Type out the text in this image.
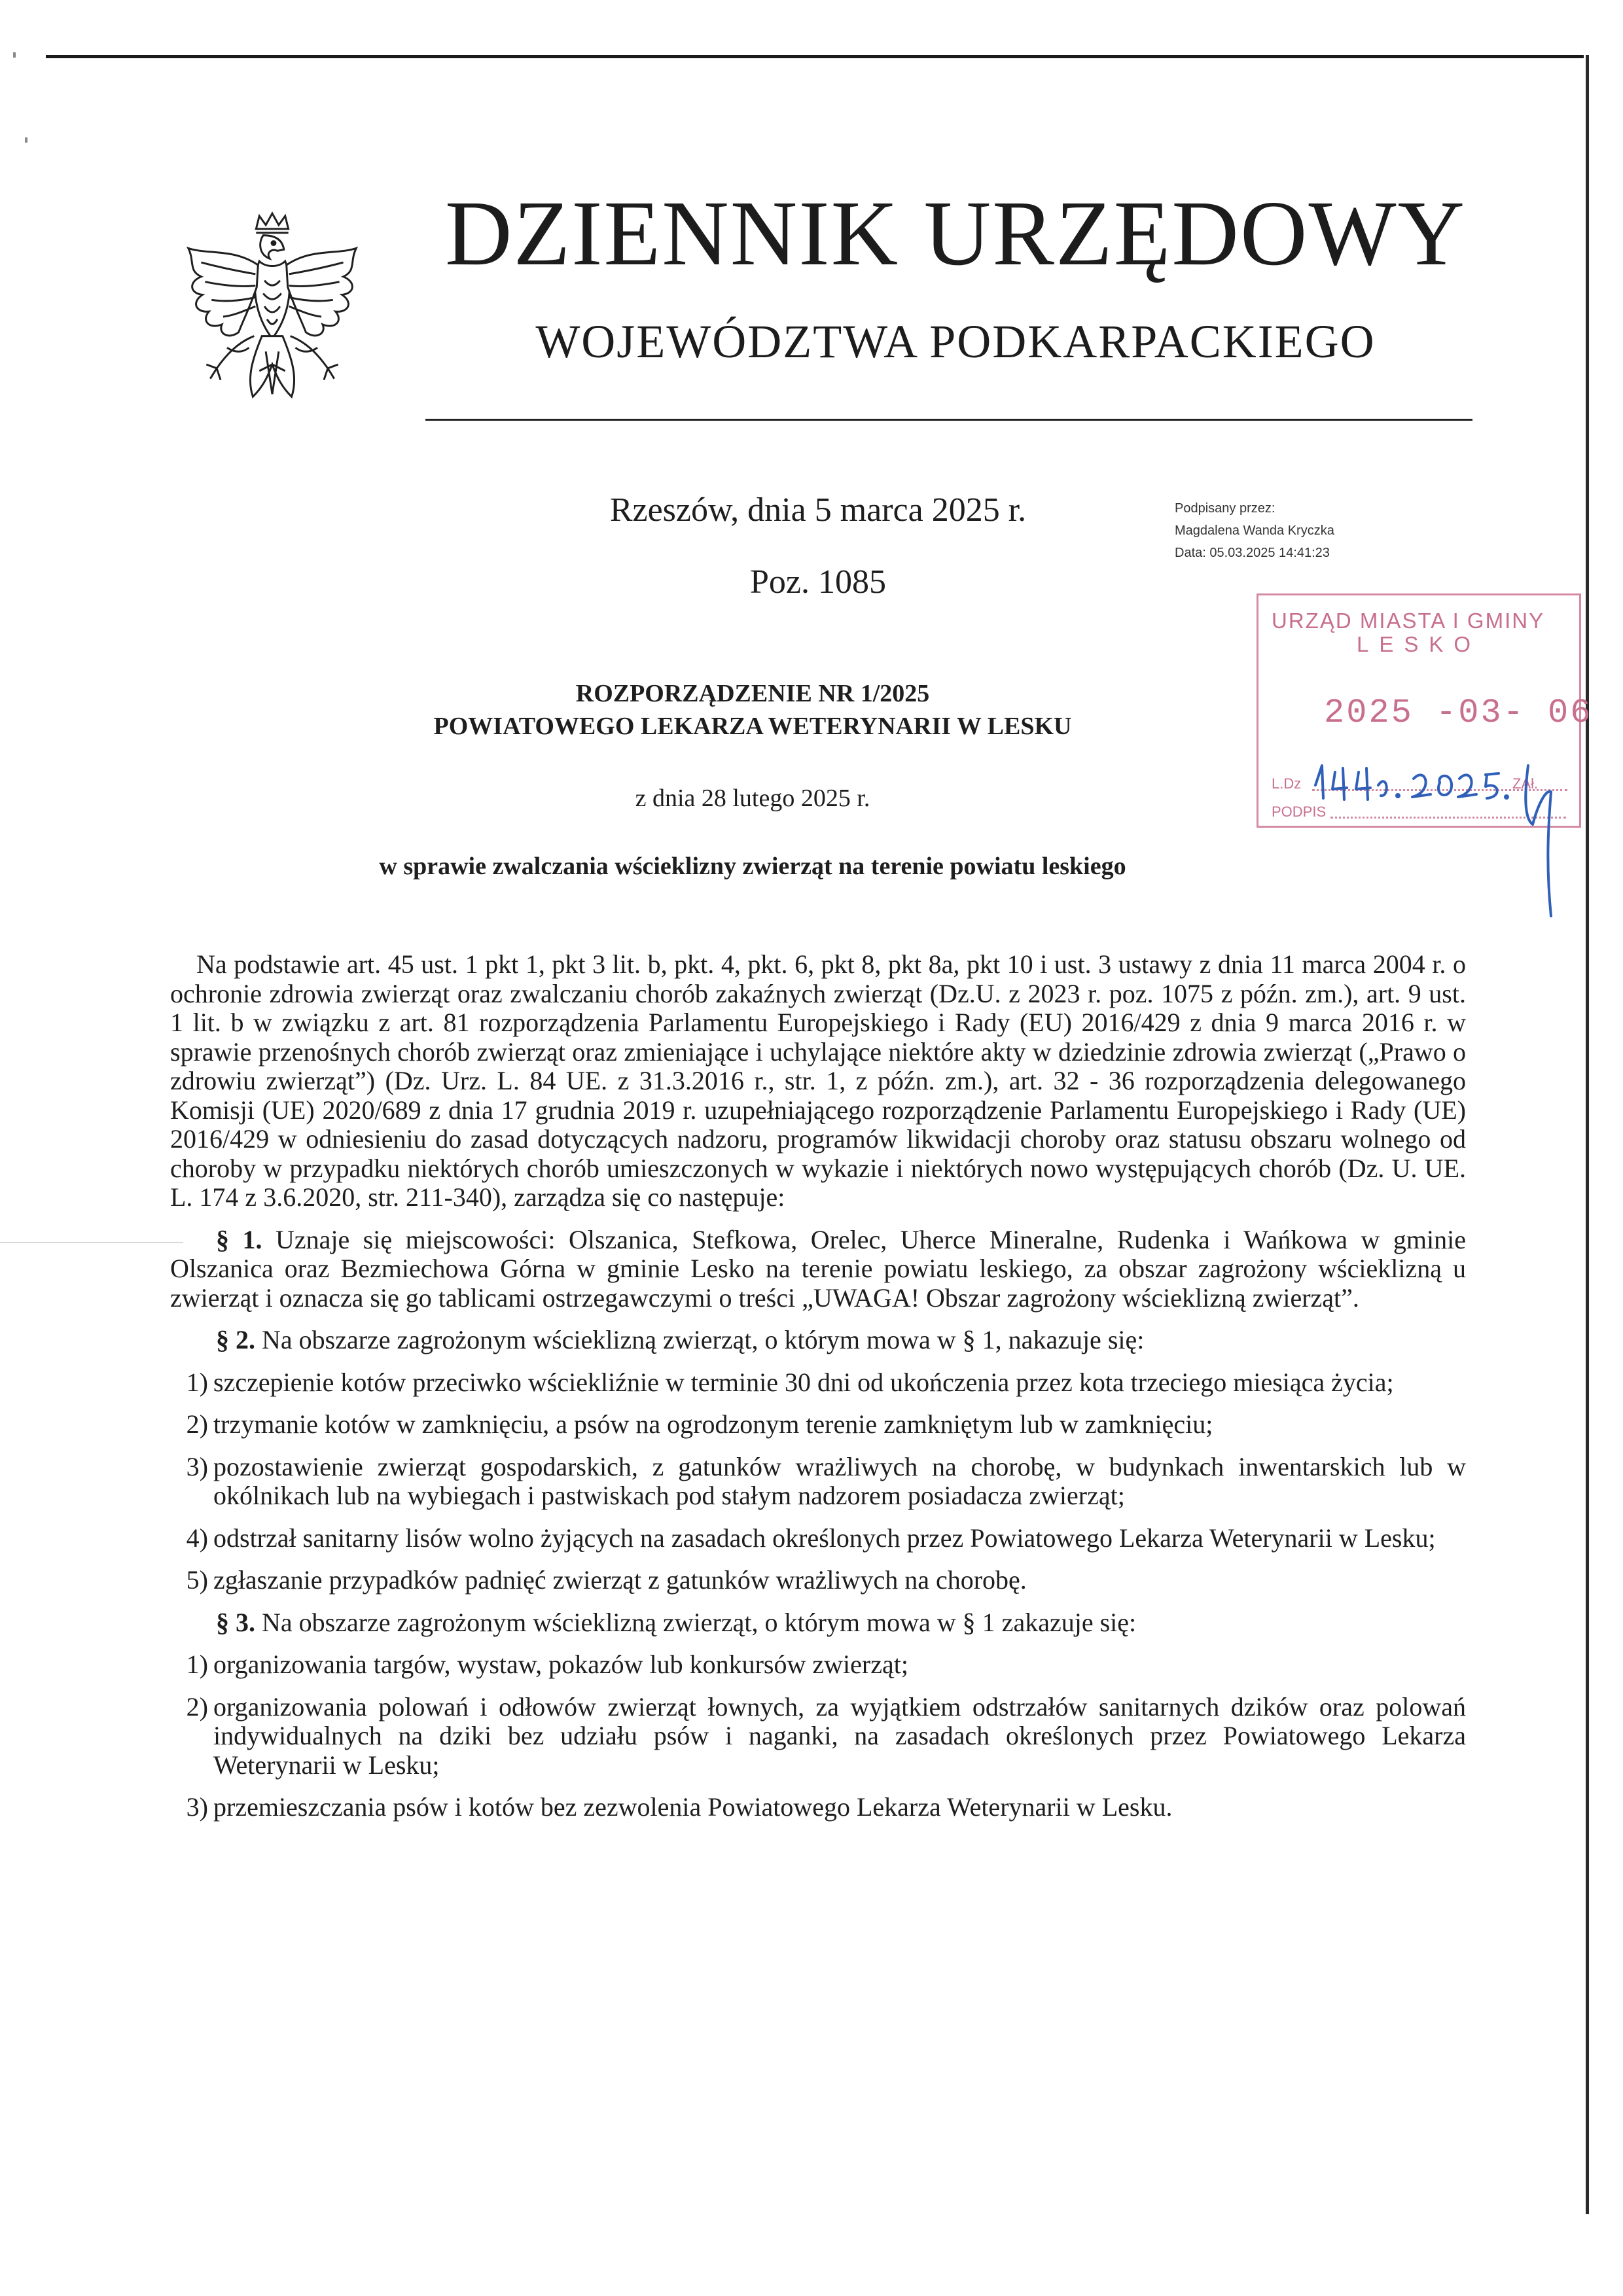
DZIENNIK URZĘDOWY
WOJEWÓDZTWA PODKARPACKIEGO
Rzeszów, dnia 5 marca 2025 r.
Poz. 1085
Podpisany przez:
Magdalena Wanda Kryczka
Data: 05.03.2025 14:41:23
URZĄD MIASTA I GMINY
LESKO
2025 -03- 06
L.Dz	ZAł.
PODPIS
ROZPORZĄDZENIE NR 1/2025
POWIATOWEGO LEKARZA WETERYNARII W LESKU
z dnia 28 lutego 2025 r.
w sprawie zwalczania wścieklizny zwierząt na terenie powiatu leskiego

Na podstawie art. 45 ust. 1 pkt 1, pkt 3 lit. b, pkt. 4, pkt. 6, pkt 8, pkt 8a, pkt 10 i ust. 3 ustawy z dnia 11 marca 2004 r. o ochronie zdrowia zwierząt oraz zwalczaniu chorób zakaźnych zwierząt (Dz.U. z 2023 r. poz. 1075 z późn. zm.), art. 9 ust. 1 lit. b w związku z art. 81 rozporządzenia Parlamentu Europejskiego i Rady (EU) 2016/429 z dnia 9 marca 2016 r. w sprawie przenośnych chorób zwierząt oraz zmieniające i uchylające niektóre akty w dziedzinie zdrowia zwierząt („Prawo o zdrowiu zwierząt”) (Dz. Urz. L. 84 UE. z 31.3.2016 r., str. 1, z późn. zm.), art. 32 - 36 rozporządzenia delegowanego Komisji (UE) 2020/689 z dnia 17 grudnia 2019 r. uzupełniającego rozporządzenie Parlamentu Europejskiego i Rady (UE) 2016/429 w odniesieniu do zasad dotyczących nadzoru, programów likwidacji choroby oraz statusu obszaru wolnego od choroby w przypadku niektórych chorób umieszczonych w wykazie i niektórych nowo występujących chorób (Dz. U. UE. L. 174 z 3.6.2020, str. 211-340), zarządza się co następuje:

§ 1. Uznaje się miejscowości: Olszanica, Stefkowa, Orelec, Uherce Mineralne, Rudenka i Wańkowa w gminie Olszanica oraz Bezmiechowa Górna w gminie Lesko na terenie powiatu leskiego, za obszar zagrożony wścieklizną u zwierząt i oznacza się go tablicami ostrzegawczymi o treści „UWAGA! Obszar zagrożony wścieklizną zwierząt”.

§ 2. Na obszarze zagrożonym wścieklizną zwierząt, o którym mowa w § 1, nakazuje się:

1) szczepienie kotów przeciwko wściekliźnie w terminie 30 dni od ukończenia przez kota trzeciego miesiąca życia;
2) trzymanie kotów w zamknięciu, a psów na ogrodzonym terenie zamkniętym lub w zamknięciu;
3) pozostawienie zwierząt gospodarskich, z gatunków wrażliwych na chorobę, w budynkach inwentarskich lub w okólnikach lub na wybiegach i pastwiskach pod stałym nadzorem posiadacza zwierząt;
4) odstrzał sanitarny lisów wolno żyjących na zasadach określonych przez Powiatowego Lekarza Weterynarii w Lesku;
5) zgłaszanie przypadków padnięć zwierząt z gatunków wrażliwych na chorobę.

§ 3. Na obszarze zagrożonym wścieklizną zwierząt, o którym mowa w § 1 zakazuje się:

1) organizowania targów, wystaw, pokazów lub konkursów zwierząt;
2) organizowania polowań i odłowów zwierząt łownych, za wyjątkiem odstrzałów sanitarnych dzików oraz polowań indywidualnych na dziki bez udziału psów i naganki, na zasadach określonych przez Powiatowego Lekarza Weterynarii w Lesku;
3) przemieszczania psów i kotów bez zezwolenia Powiatowego Lekarza Weterynarii w Lesku.
